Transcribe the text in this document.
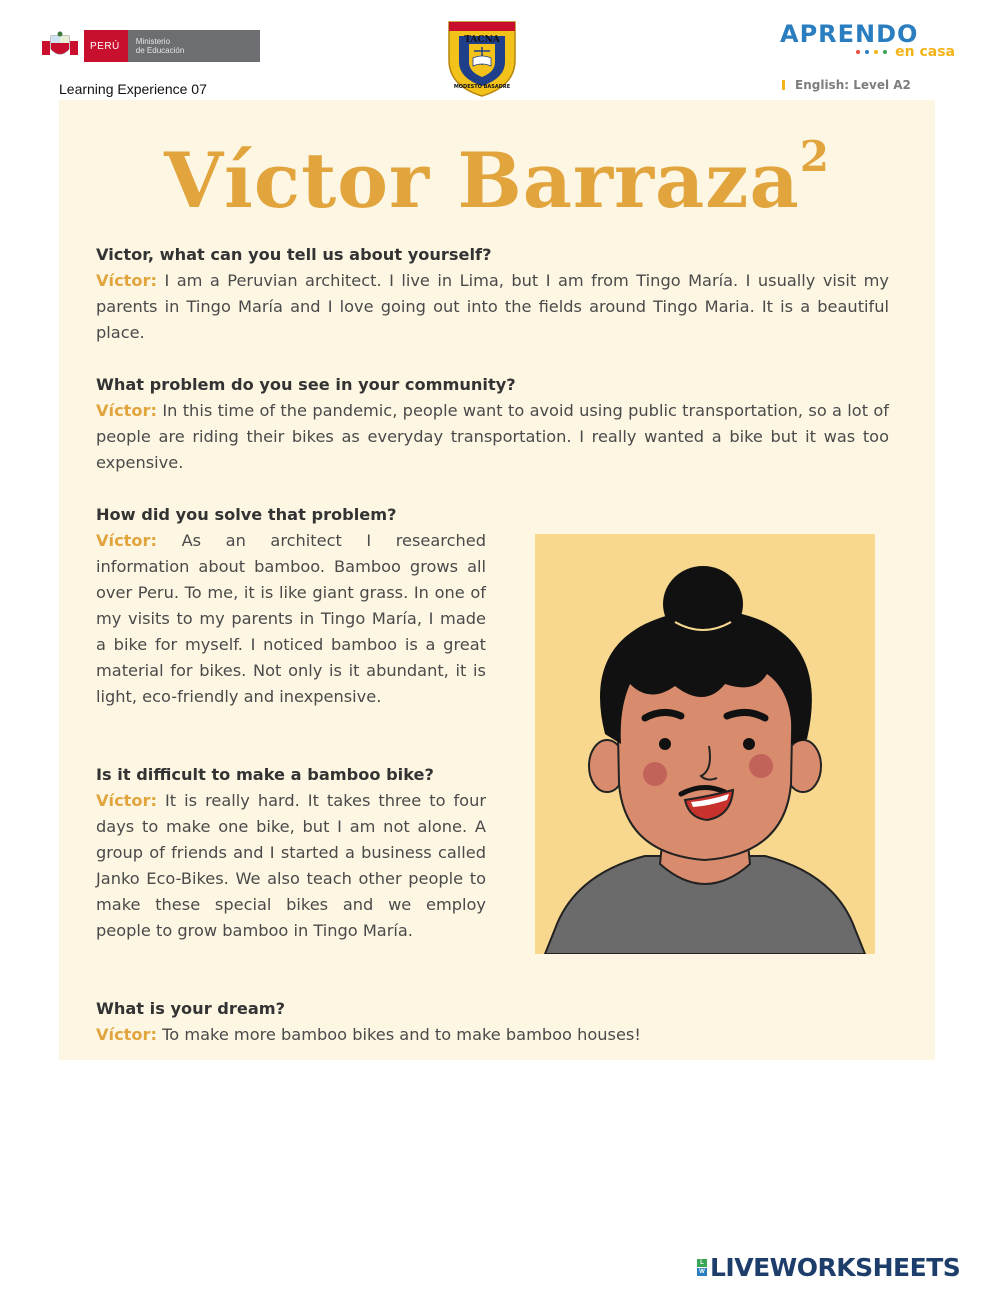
PERÚ	Ministerio
de Educación
Learning Experience 07
TACNA
MODESTO BASADRE
APRENDO
en casa
English: Level A2
Víctor Barraza$^2$
Victor, what can you tell us about yourself?

Víctor: I am a Peruvian architect. I live in Lima, but I am from Tingo María. I usually visit my parents in Tingo María and I love going out into the fields around Tingo Maria. It is a beautiful place.

What problem do you see in your community?

Víctor: In this time of the pandemic, people want to avoid using public transportation, so a lot of people are riding their bikes as everyday transportation. I really wanted a bike but it was too expensive.

How did you solve that problem?

Víctor: As an architect I researched information about bamboo. Bamboo grows all over Peru. To me, it is like giant grass. In one of my visits to my parents in Tingo María, I made a bike for myself. I noticed bamboo is a great material for bikes. Not only is it abundant, it is light, eco-friendly and inexpensive.

Is it difficult to make a bamboo bike?

Víctor: It is really hard. It takes three to four days to make one bike, but I am not alone. A group of friends and I started a business called Janko Eco-Bikes. We also teach other people to make these special bikes and we employ people to grow bamboo in Tingo María.

What is your dream?

Víctor: To make more bamboo bikes and to make bamboo houses!

L
W LIVEWORKSHEETS
